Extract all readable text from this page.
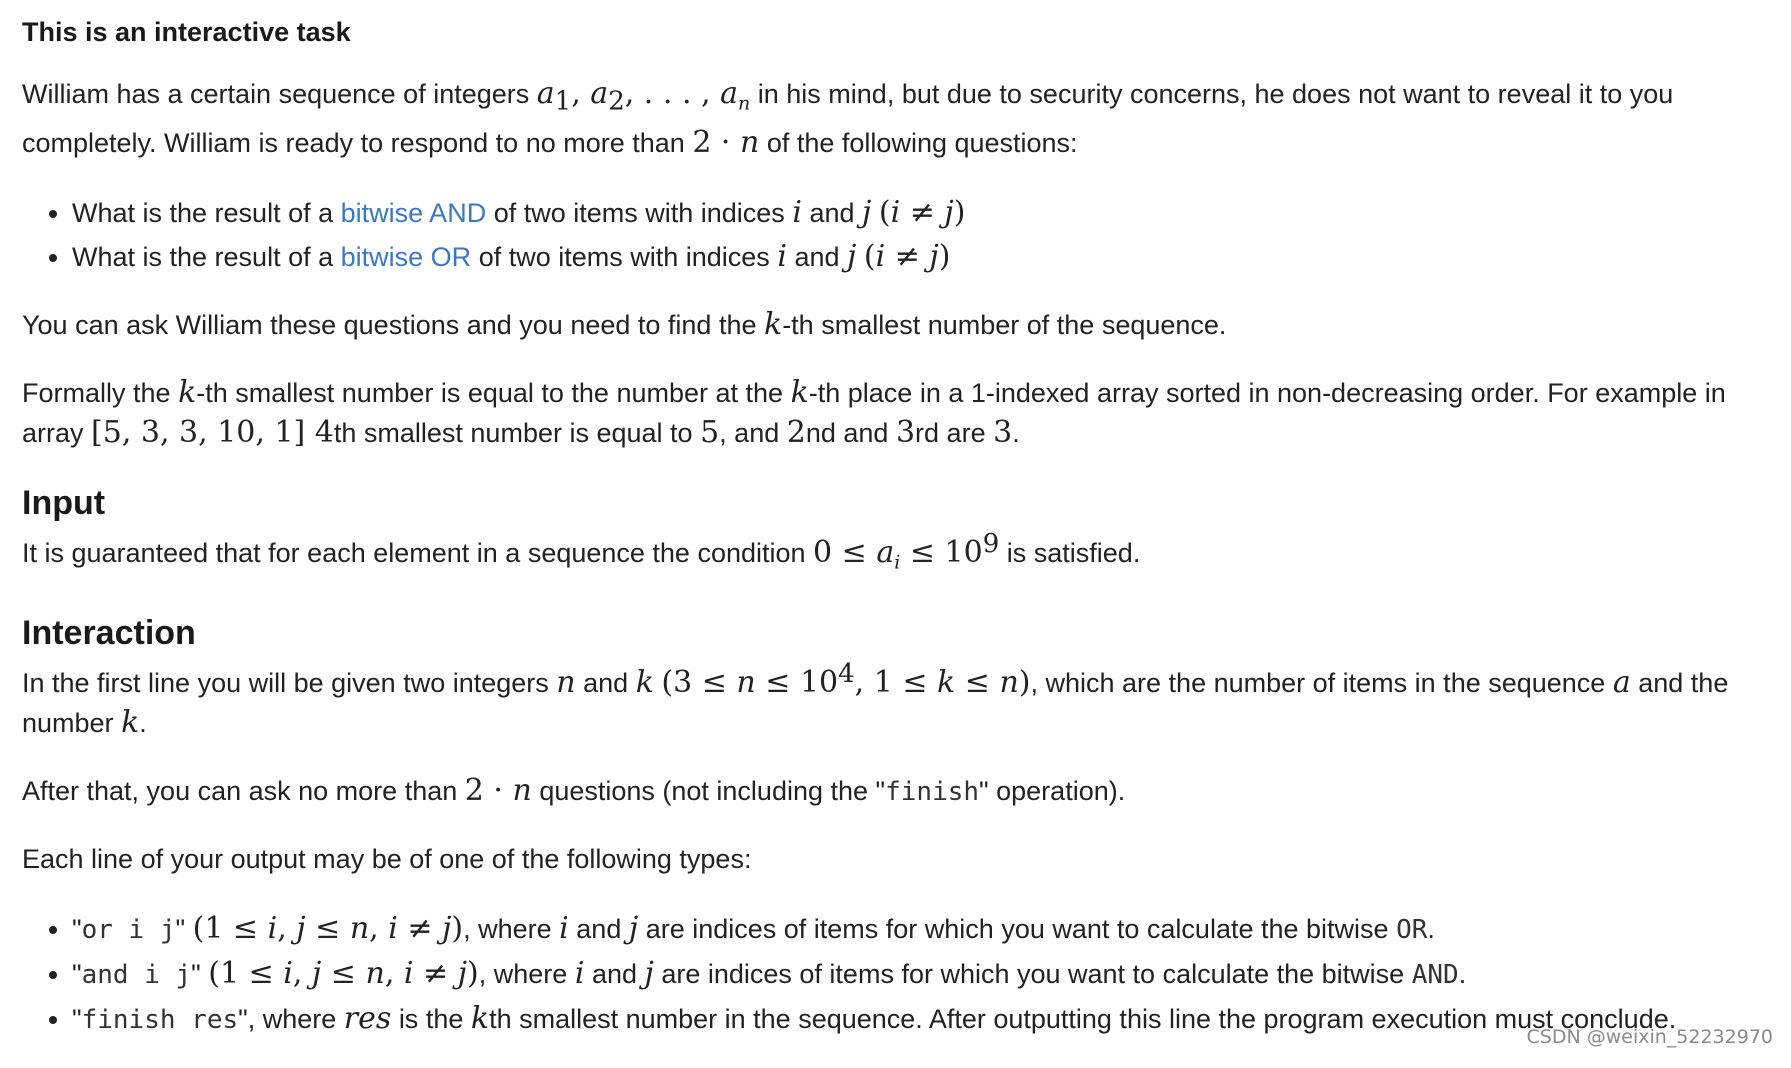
This is an interactive task

William has a certain sequence of integers $a_1$, $a_2$, . . . , $a_n$ in his mind, but due to security concerns, he does not want to reveal it to you completely. William is ready to respond to no more than 2 · n of the following questions:

• What is the result of a bitwise AND of two items with indices i and j (i ≠ j)
• What is the result of a bitwise OR of two items with indices i and j (i ≠ j)

You can ask William these questions and you need to find the k-th smallest number of the sequence.

Formally the k-th smallest number is equal to the number at the k-th place in a 1-indexed array sorted in non-decreasing order. For example in array [5, 3, 3, 10, 1] 4th smallest number is equal to 5, and 2nd and 3rd are 3.

Input

It is guaranteed that for each element in a sequence the condition $0 \le a_i \le 10^9$ is satisfied.

Interaction

In the first line you will be given two integers n and k ($3 \le n \le 10^4$, 1 ≤ k ≤ n), which are the number of items in the sequence a and the number k.

After that, you can ask no more than 2 · n questions (not including the "finish" operation).

Each line of your output may be of one of the following types:

• "or i j" (1 ≤ i, j ≤ n, i ≠ j), where i and j are indices of items for which you want to calculate the bitwise OR.
• "and i j" (1 ≤ i, j ≤ n, i ≠ j), where i and j are indices of items for which you want to calculate the bitwise AND.
• "finish res", where res is the kth smallest number in the sequence. After outputting this line the program execution must conclude.
CSDN @weixin_52232970
